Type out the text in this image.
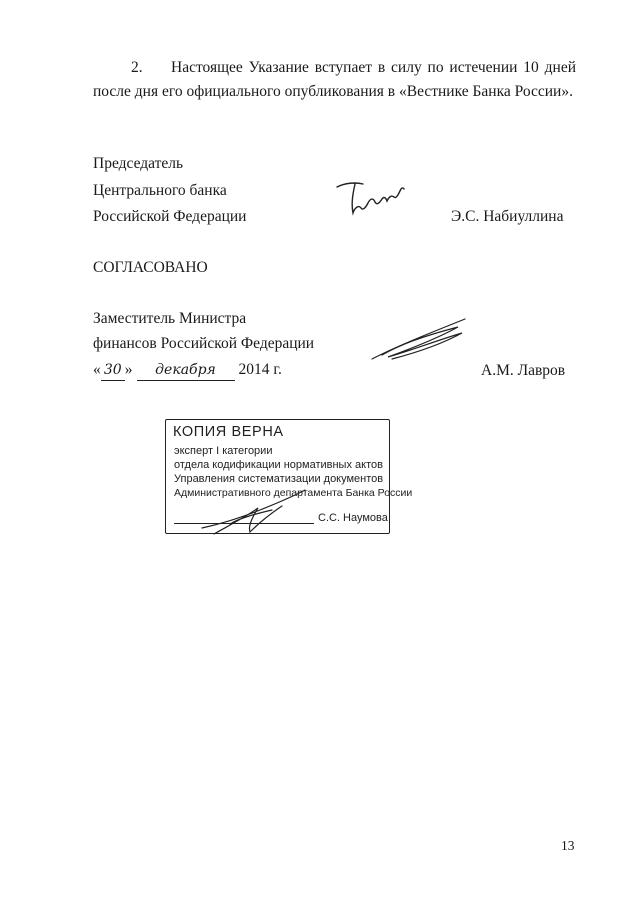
2. Настоящее Указание вступает в силу по истечении 10 дней
после дня его официального опубликования в «Вестнике Банка России».
Председатель
Центрального банка
Российской Федерации	Э.С. Набиуллина
СОГЛАСОВАНО
Заместитель Министра
финансов Российской Федерации
« 30 » декабря 2014 г.	А.М. Лавров
КОПИЯ ВЕРНА
эксперт I категории
отдела кодификации нормативных актов
Управления систематизации документов
Административного департамента Банка России
С.С. Наумова
13
